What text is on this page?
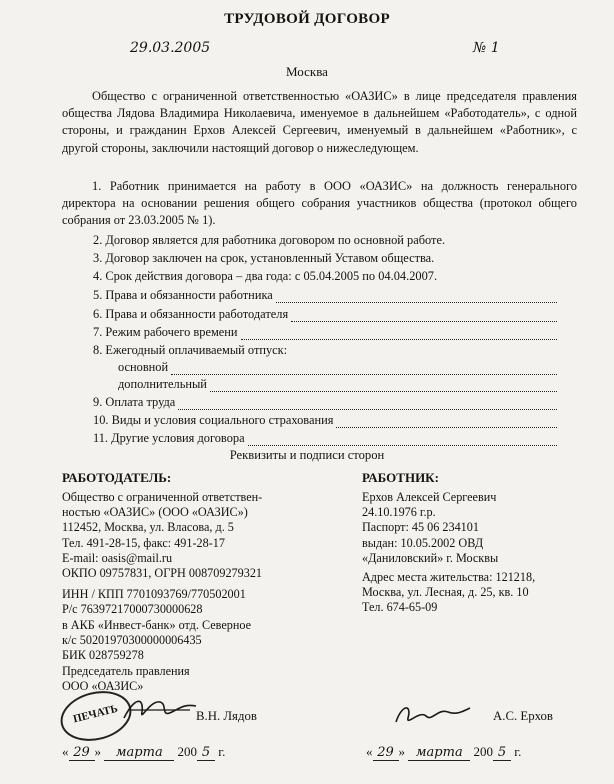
ТРУДОВОЙ ДОГОВОР
29.03.2005	№ 1
Москва
Общество с ограниченной ответственностью «ОАЗИС» в лице председателя правления общества Лядова Владимира Николаевича, именуемое в дальнейшем «Работодатель», с одной стороны, и гражданин Ерхов Алексей Сергеевич, именуемый в дальнейшем «Работник», с другой стороны, заключили настоящий договор о нижеследующем.
1. Работник принимается на работу в ООО «ОАЗИС» на должность генерального директора на основании решения общего собрания участников общества (протокол общего собрания от 23.03.2005 № 1).
2. Договор является для работника договором по основной работе.
3. Договор заключен на срок, установленный Уставом общества.
4. Срок действия договора – два года: с 05.04.2005 по 04.04.2007.
5. Права и обязанности работника
6. Права и обязанности работодателя
7. Режим рабочего времени
8. Ежегодный оплачиваемый отпуск:
основной
дополнительный
9. Оплата труда
10. Виды и условия социального страхования
11. Другие условия договора
Реквизиты и подписи сторон
РАБОТОДАТЕЛЬ:
Общество с ограниченной ответствен-
ностью «ОАЗИС» (ООО «ОАЗИС»)
112452, Москва, ул. Власова, д. 5
Тел. 491-28-15, факс: 491-28-17
E-mail: oasis@mail.ru
ОКПО 09757831, ОГРН 008709279321
ИНН / КПП 7701093769/770502001
Р/с 76397217000730000628
в АКБ «Инвест-банк» отд. Северное
к/с 50201970300000006435
БИК 028759278
Председатель правления
ООО «ОАЗИС»
ПЕЧАТЬ	В.Н. Лядов
« 29 » марта 200 5 г.
РАБОТНИК:
Ерхов Алексей Сергеевич
24.10.1976 г.р.
Паспорт: 45 06 234101
выдан: 10.05.2002 ОВД
«Даниловский» г. Москвы
Адрес места жительства: 121218,
Москва, ул. Лесная, д. 25, кв. 10
Тел. 674-65-09
А.С. Ерхов
« 29 » марта 200 5 г.
